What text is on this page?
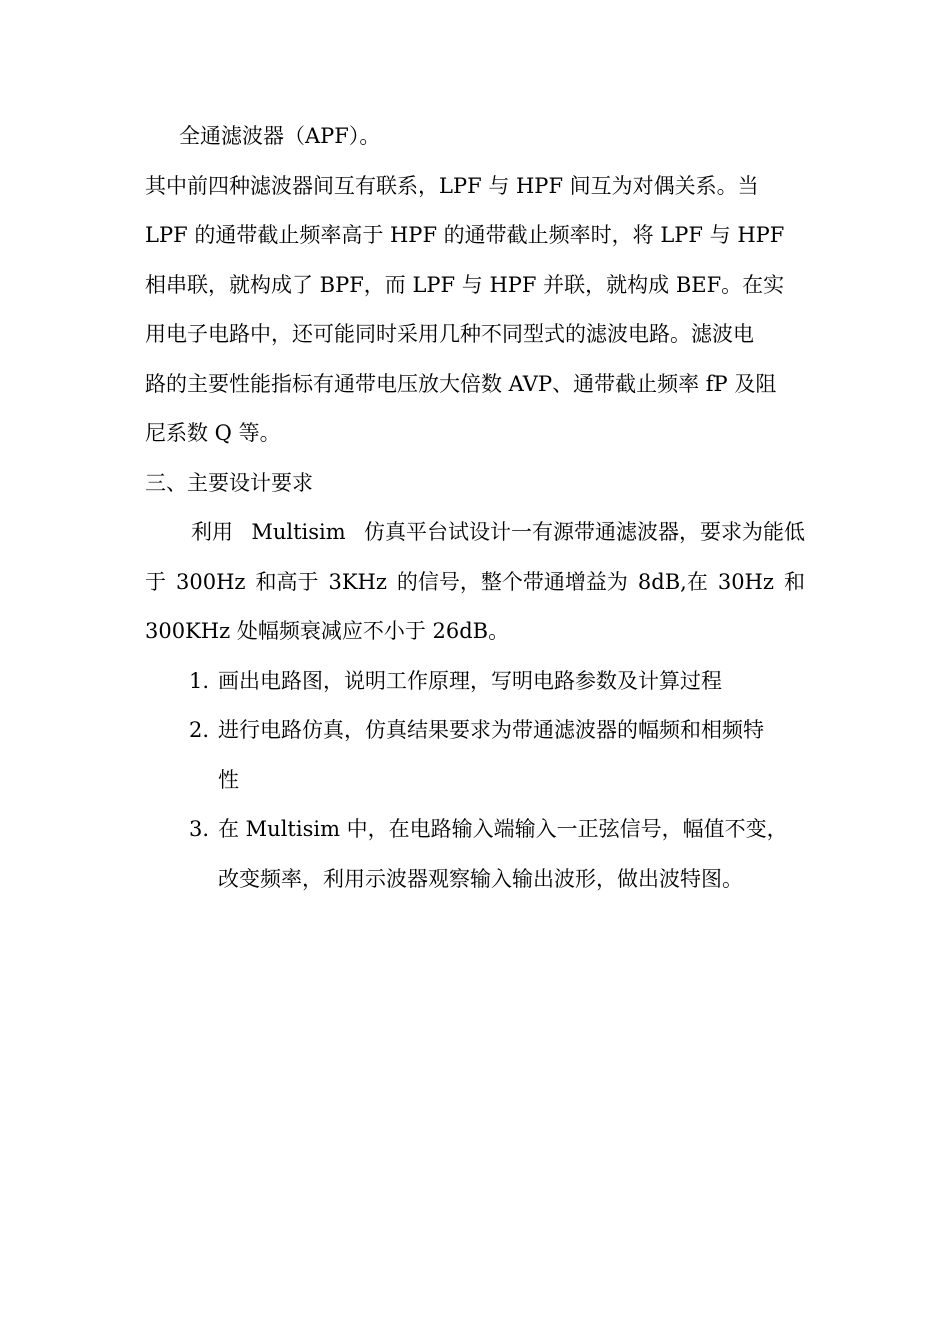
全通滤波器（APF）。
其中前四种滤波器间互有联系，LPF 与 HPF 间互为对偶关系。当
LPF 的通带截止频率高于 HPF 的通带截止频率时，将 LPF 与 HPF
相串联，就构成了 BPF，而 LPF 与 HPF 并联，就构成 BEF。在实
用电子电路中，还可能同时采用几种不同型式的滤波电路。滤波电
路的主要性能指标有通带电压放大倍数 AVP、通带截止频率 fP 及阻
尼系数 Q 等。
三、主要设计要求
利用 Multisim 仿真平台试设计一有源带通滤波器，要求为能低
于 300Hz 和高于 3KHz 的信号，整个带通增益为 8dB,在 30Hz 和
300KHz 处幅频衰减应不小于 26dB。
1. 画出电路图，说明工作原理，写明电路参数及计算过程
2. 进行电路仿真，仿真结果要求为带通滤波器的幅频和相频特
性
3. 在 Multisim 中，在电路输入端输入一正弦信号，幅值不变，
改变频率，利用示波器观察输入输出波形，做出波特图。
